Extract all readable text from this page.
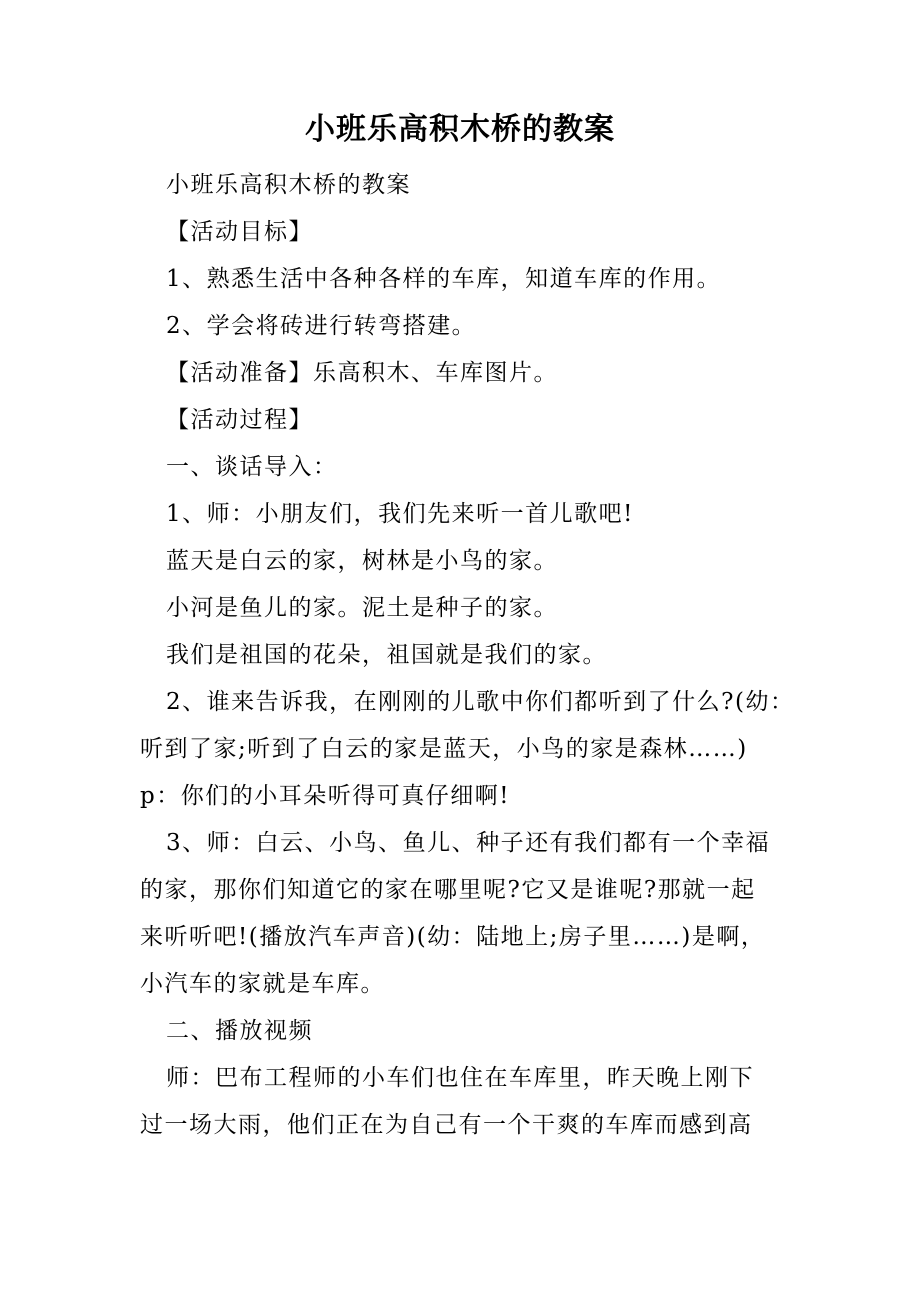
小班乐高积木桥的教案

小班乐高积木桥的教案

【活动目标】

1、熟悉生活中各种各样的车库，知道车库的作用。

2、学会将砖进行转弯搭建。

【活动准备】乐高积木、车库图片。

【活动过程】

一、谈话导入：

1、师：小朋友们，我们先来听一首儿歌吧!

蓝天是白云的家，树林是小鸟的家。

小河是鱼儿的家。泥土是种子的家。

我们是祖国的花朵，祖国就是我们的家。

2、谁来告诉我，在刚刚的儿歌中你们都听到了什么?(幼：

听到了家;听到了白云的家是蓝天，小鸟的家是森林……)

p：你们的小耳朵听得可真仔细啊!

3、师：白云、小鸟、鱼儿、种子还有我们都有一个幸福

的家，那你们知道它的家在哪里呢?它又是谁呢?那就一起

来听听吧!(播放汽车声音)(幼：陆地上;房子里……)是啊，

小汽车的家就是车库。

二、播放视频

师：巴布工程师的小车们也住在车库里，昨天晚上刚下

过一场大雨，他们正在为自己有一个干爽的车库而感到高
